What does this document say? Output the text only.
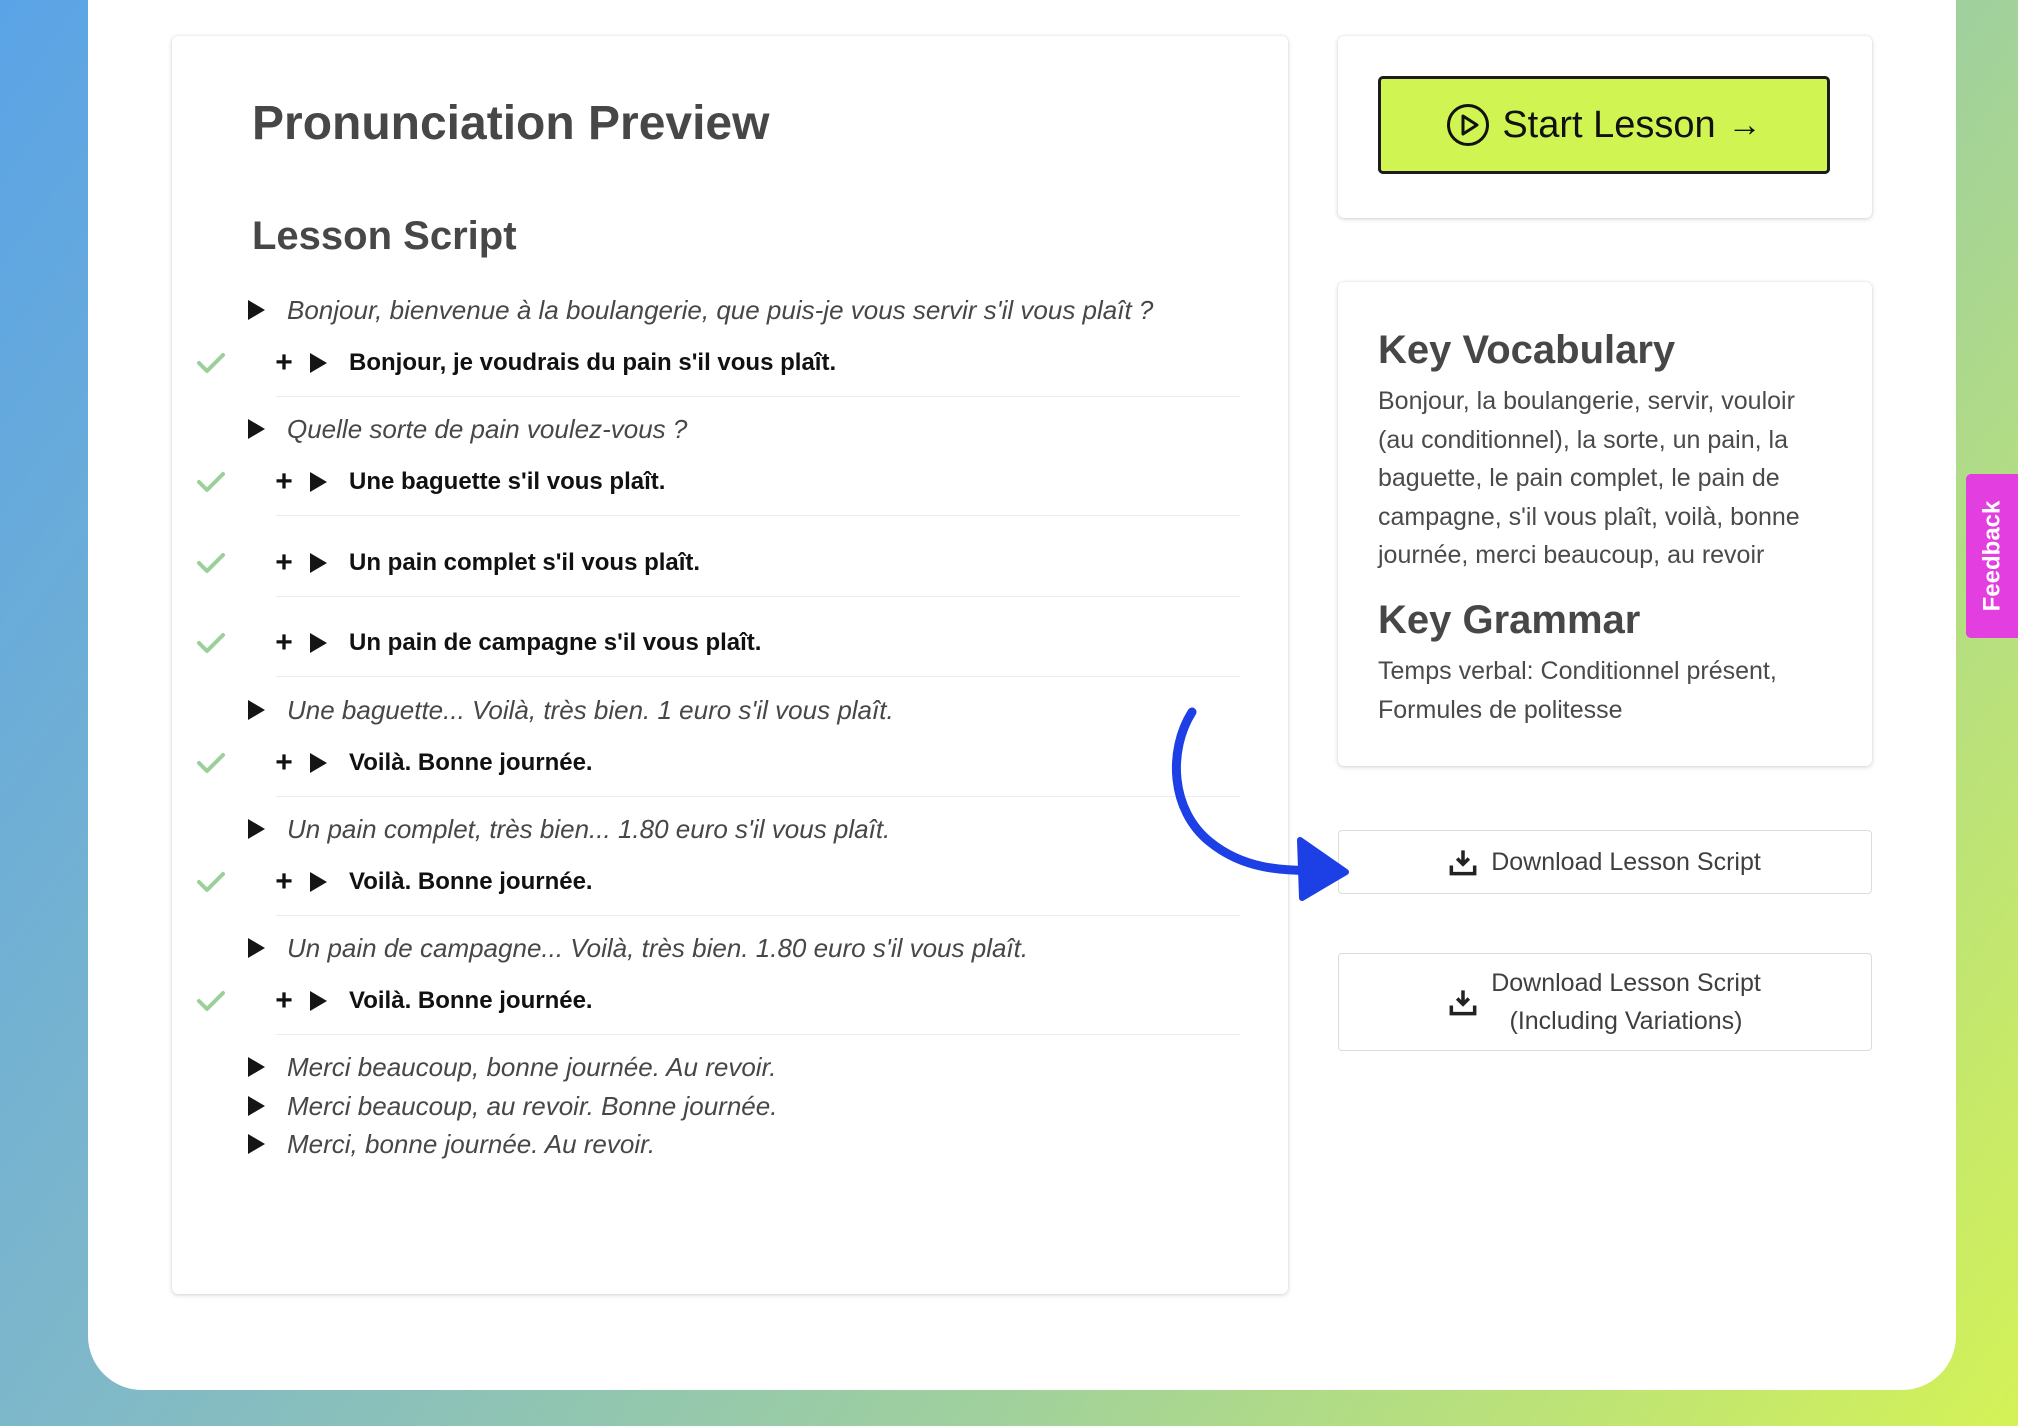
Pronunciation Preview
Lesson Script
Bonjour, bienvenue à la boulangerie, que puis-je vous servir s'il vous plaît ?
+ Bonjour, je voudrais du pain s'il vous plaît.
Quelle sorte de pain voulez-vous ?
+ Une baguette s'il vous plaît.
+ Un pain complet s'il vous plaît.
+ Un pain de campagne s'il vous plaît.
Une baguette... Voilà, très bien. 1 euro s'il vous plaît.
+ Voilà. Bonne journée.
Un pain complet, très bien... 1.80 euro s'il vous plaît.
+ Voilà. Bonne journée.
Un pain de campagne... Voilà, très bien. 1.80 euro s'il vous plaît.
+ Voilà. Bonne journée.
Merci beaucoup, bonne journée. Au revoir.
Merci beaucoup, au revoir. Bonne journée.
Merci, bonne journée. Au revoir.
Start Lesson →
Key Vocabulary

Bonjour, la boulangerie, servir, vouloir (au conditionnel), la sorte, un pain, la baguette, le pain complet, le pain de campagne, s'il vous plaît, voilà, bonne journée, merci beaucoup, au revoir

Key Grammar

Temps verbal: Conditionnel présent, Formules de politesse

Download Lesson Script
Download Lesson Script
(Including Variations)
Feedback
